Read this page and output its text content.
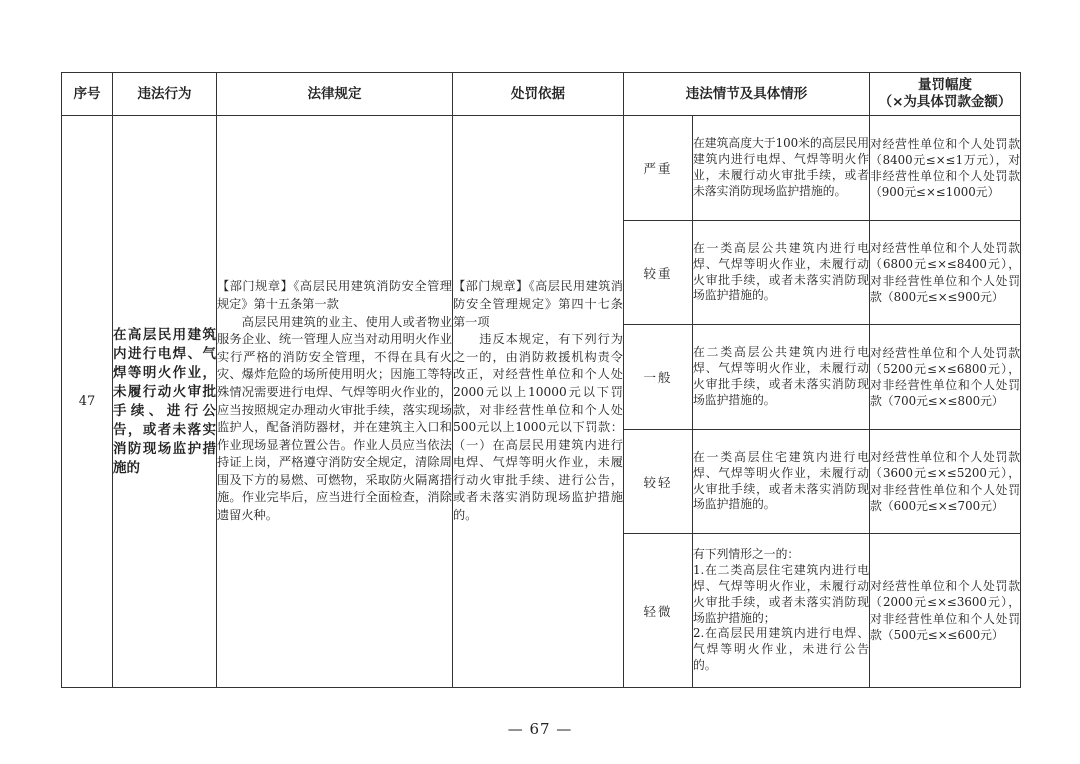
序号	违法行为	法律规定	处罚依据	违法情节及具体情形		量罚幅度
（×为具体罚款金额）

47	在高层民用建筑内进行电焊、气焊等明火作业，未履行动火审批手续、进行公告，或者未落实消防现场监护措施的	【部门规章】《高层民用建筑消防安全管理规定》第十五条第一款
　　高层民用建筑的业主、使用人或者物业服务企业、统一管理人应当对动用明火作业实行严格的消防安全管理，不得在具有火灾、爆炸危险的场所使用明火；因施工等特殊情况需要进行电焊、气焊等明火作业的，应当按照规定办理动火审批手续，落实现场监护人，配备消防器材，并在建筑主入口和作业现场显著位置公告。作业人员应当依法持证上岗，严格遵守消防安全规定，清除周围及下方的易燃、可燃物，采取防火隔离措施。作业完毕后，应当进行全面检查，消除遗留火种。	【部门规章】《高层民用建筑消防安全管理规定》第四十七条第一项
　　违反本规定，有下列行为之一的，由消防救援机构责令改正，对经营性单位和个人处2000元以上10000元以下罚款，对非经营性单位和个人处500元以上1000元以下罚款：（一）在高层民用建筑内进行电焊、气焊等明火作业，未履行动火审批手续、进行公告，或者未落实消防现场监护措施的。	严重	在建筑高度大于100米的高层民用建筑内进行电焊、气焊等明火作业，未履行动火审批手续，或者未落实消防现场监护措施的。	对经营性单位和个人处罚款（8400元≤×≤1万元），对非经营性单位和个人处罚款（900元≤×≤1000元）
				较重	在一类高层公共建筑内进行电焊、气焊等明火作业，未履行动火审批手续，或者未落实消防现场监护措施的。	对经营性单位和个人处罚款（6800元≤×≤8400元），对非经营性单位和个人处罚款（800元≤×≤900元）
				一般	在二类高层公共建筑内进行电焊、气焊等明火作业，未履行动火审批手续，或者未落实消防现场监护措施的。	对经营性单位和个人处罚款（5200元≤×≤6800元），对非经营性单位和个人处罚款（700元≤×≤800元）
				较轻	在一类高层住宅建筑内进行电焊、气焊等明火作业，未履行动火审批手续，或者未落实消防现场监护措施的。	对经营性单位和个人处罚款（3600元≤×≤5200元），对非经营性单位和个人处罚款（600元≤×≤700元）
				轻微	有下列情形之一的：
1.在二类高层住宅建筑内进行电焊、气焊等明火作业，未履行动火审批手续，或者未落实消防现场监护措施的；
2.在高层民用建筑内进行电焊、气焊等明火作业，未进行公告的。	对经营性单位和个人处罚款（2000元≤×≤3600元），对非经营性单位和个人处罚款（500元≤×≤600元）
— 67 —
